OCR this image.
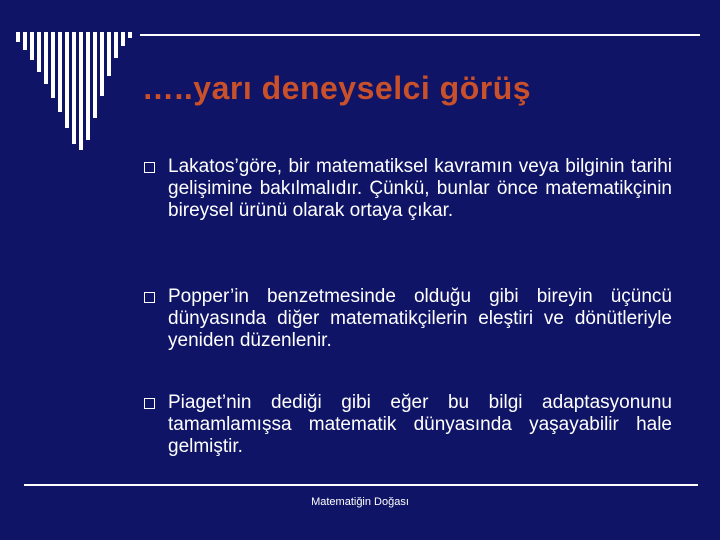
…..yarı deneyselci görüş
Lakatos’göre, bir matematiksel kavramın veya bilginin tarihi gelişimine bakılmalıdır. Çünkü, bunlar önce matematikçinin bireysel ürünü olarak ortaya çıkar.
Popper’in benzetmesinde olduğu gibi bireyin üçüncü dünyasında diğer matematikçilerin eleştiri ve dönütleriyle yeniden düzenlenir.
Piaget’nin dediği gibi eğer bu bilgi adaptasyonunu tamamlamışsa matematik dünyasında yaşayabilir hale gelmiştir.
Matematiğin Doğası
